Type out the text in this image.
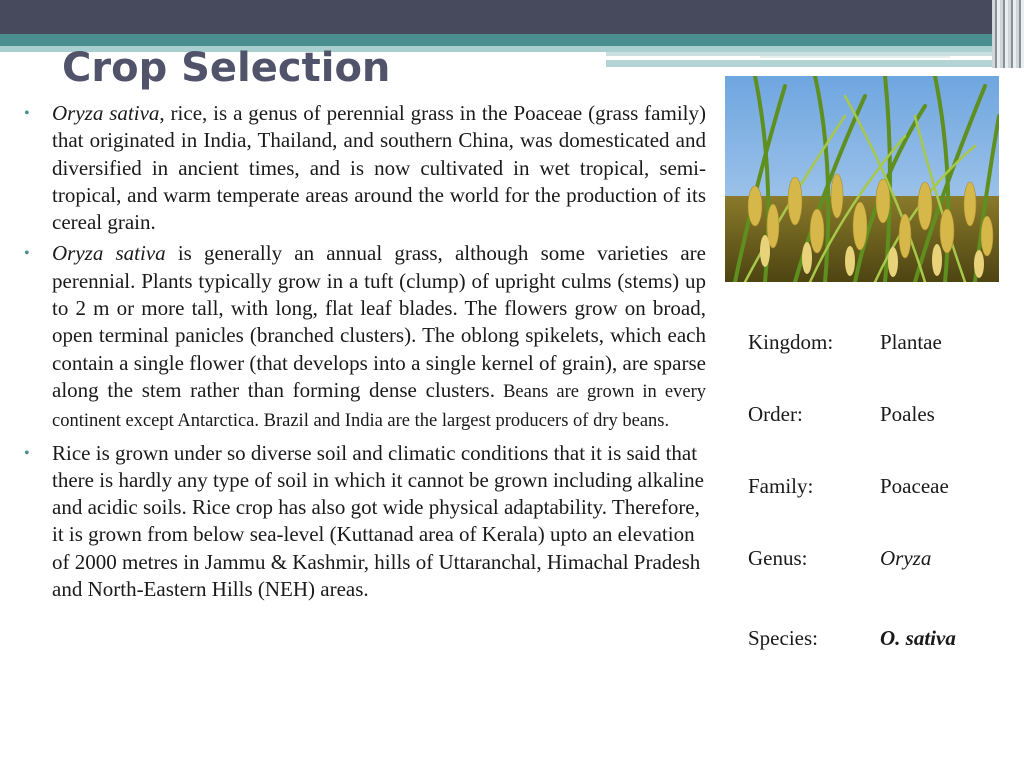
Crop Selection

• Oryza sativa, rice, is a genus of perennial grass in the Poaceae (grass family) that originated in India, Thailand, and southern China, was domesticated and diversified in ancient times, and is now cultivated in wet tropical, semi-tropical, and warm temperate areas around the world for the production of its cereal grain.

• Oryza sativa is generally an annual grass, although some varieties are perennial. Plants typically grow in a tuft (clump) of upright culms (stems) up to 2 m or more tall, with long, flat leaf blades. The flowers grow on broad, open terminal panicles (branched clusters). The oblong spikelets, which each contain a single flower (that develops into a single kernel of grain), are sparse along the stem rather than forming dense clusters. Beans are grown in every continent except Antarctica. Brazil and India are the largest producers of dry beans.

• Rice is grown under so diverse soil and climatic conditions that it is said that there is hardly any type of soil in which it cannot be grown including alkaline and acidic soils. Rice crop has also got wide physical adaptability. Therefore, it is grown from below sea-level (Kuttanad area of Kerala) upto an elevation of 2000 metres in Jammu & Kashmir, hills of Uttaranchal, Himachal Pradesh and North-Eastern Hills (NEH) areas.

Kingdom: Plantae
Order:	Poales
Family:	Poaceae
Genus:	Oryza
Species:	O. sativa
